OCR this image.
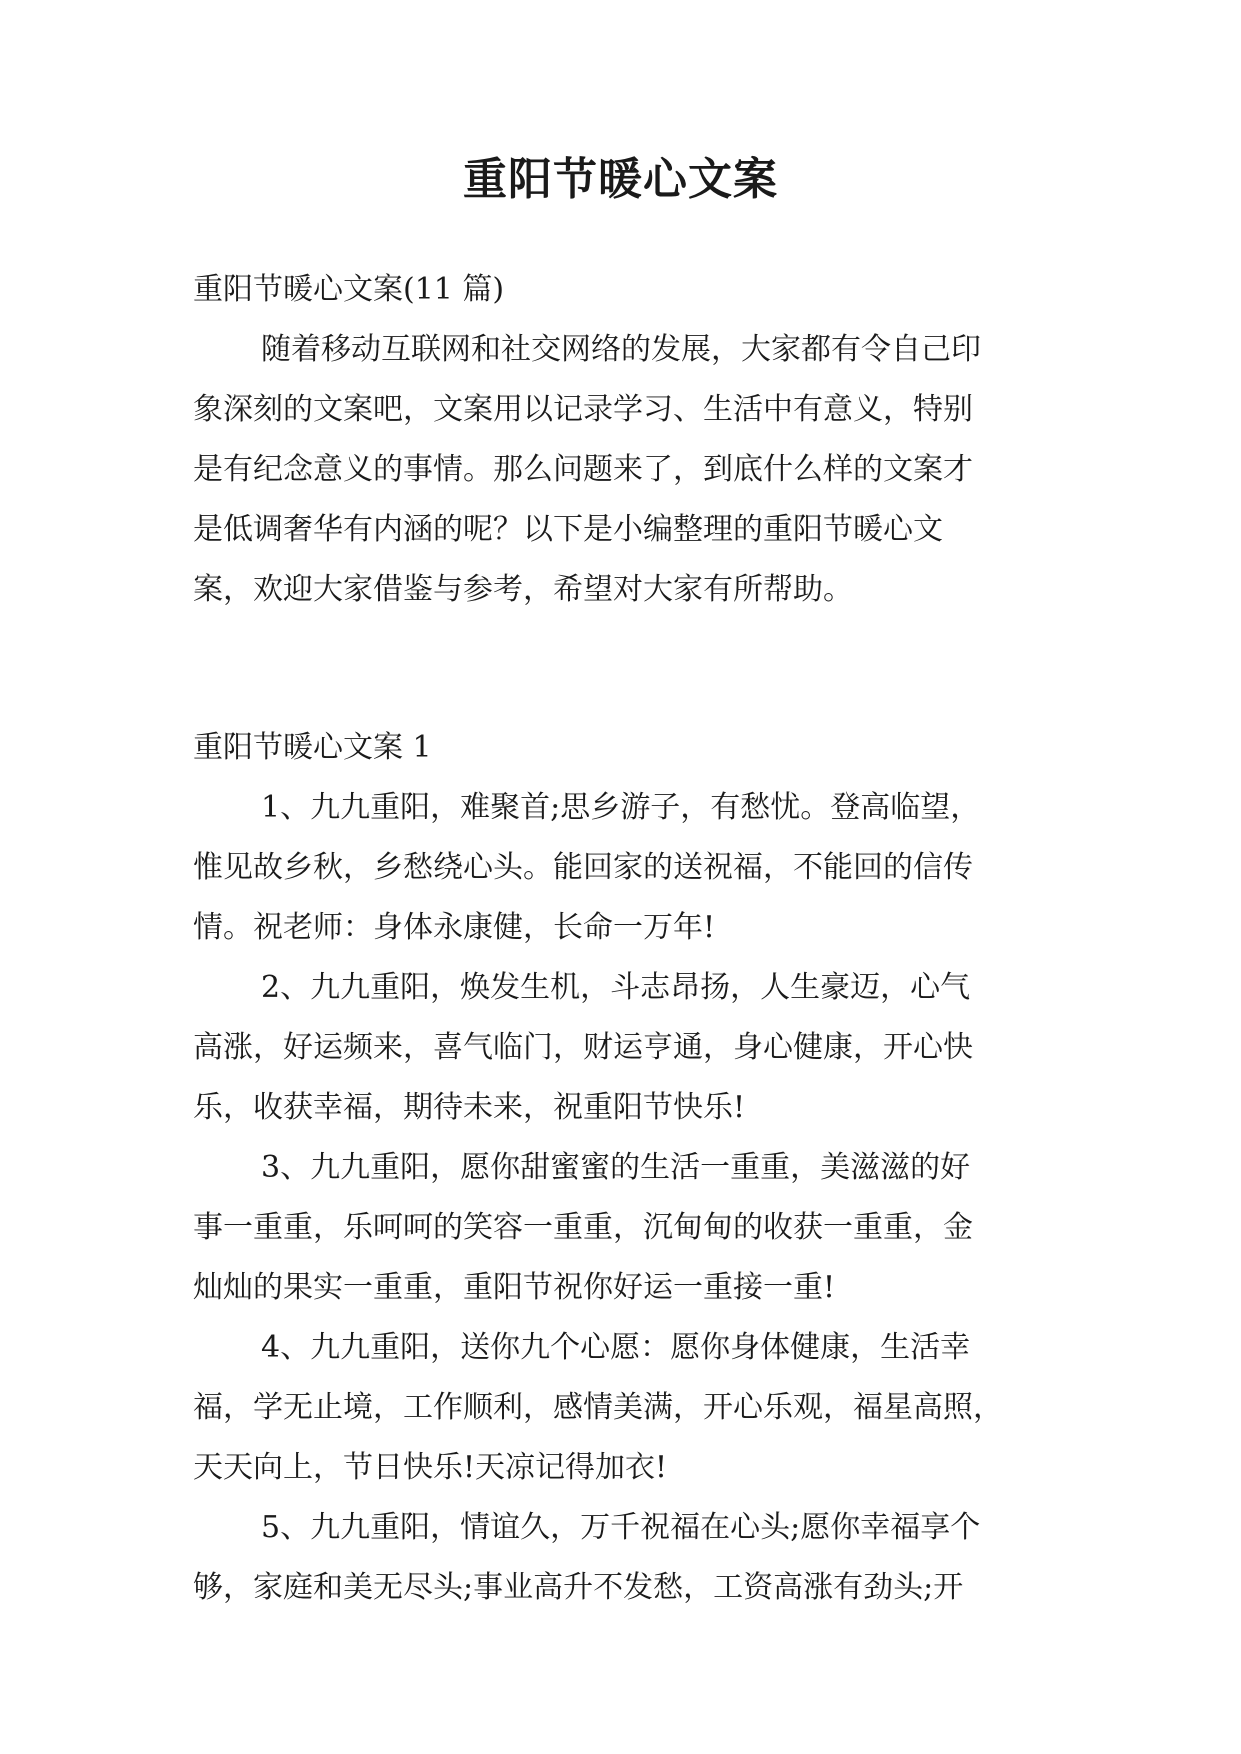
重阳节暖心文案
重阳节暖心文案(11 篇)
随着移动互联网和社交网络的发展，大家都有令自己印
象深刻的文案吧，文案用以记录学习、生活中有意义，特别
是有纪念意义的事情。那么问题来了，到底什么样的文案才
是低调奢华有内涵的呢？以下是小编整理的重阳节暖心文
案，欢迎大家借鉴与参考，希望对大家有所帮助。
重阳节暖心文案 1
1、九九重阳，难聚首;思乡游子，有愁忧。登高临望，
惟见故乡秋，乡愁绕心头。能回家的送祝福，不能回的信传
情。祝老师：身体永康健，长命一万年!
2、九九重阳，焕发生机，斗志昂扬，人生豪迈，心气
高涨，好运频来，喜气临门，财运亨通，身心健康，开心快
乐，收获幸福，期待未来，祝重阳节快乐!
3、九九重阳，愿你甜蜜蜜的生活一重重，美滋滋的好
事一重重，乐呵呵的笑容一重重，沉甸甸的收获一重重，金
灿灿的果实一重重，重阳节祝你好运一重接一重!
4、九九重阳，送你九个心愿：愿你身体健康，生活幸
福，学无止境，工作顺利，感情美满，开心乐观，福星高照，
天天向上，节日快乐!天凉记得加衣!
5、九九重阳，情谊久，万千祝福在心头;愿你幸福享个
够，家庭和美无尽头;事业高升不发愁，工资高涨有劲头;开
